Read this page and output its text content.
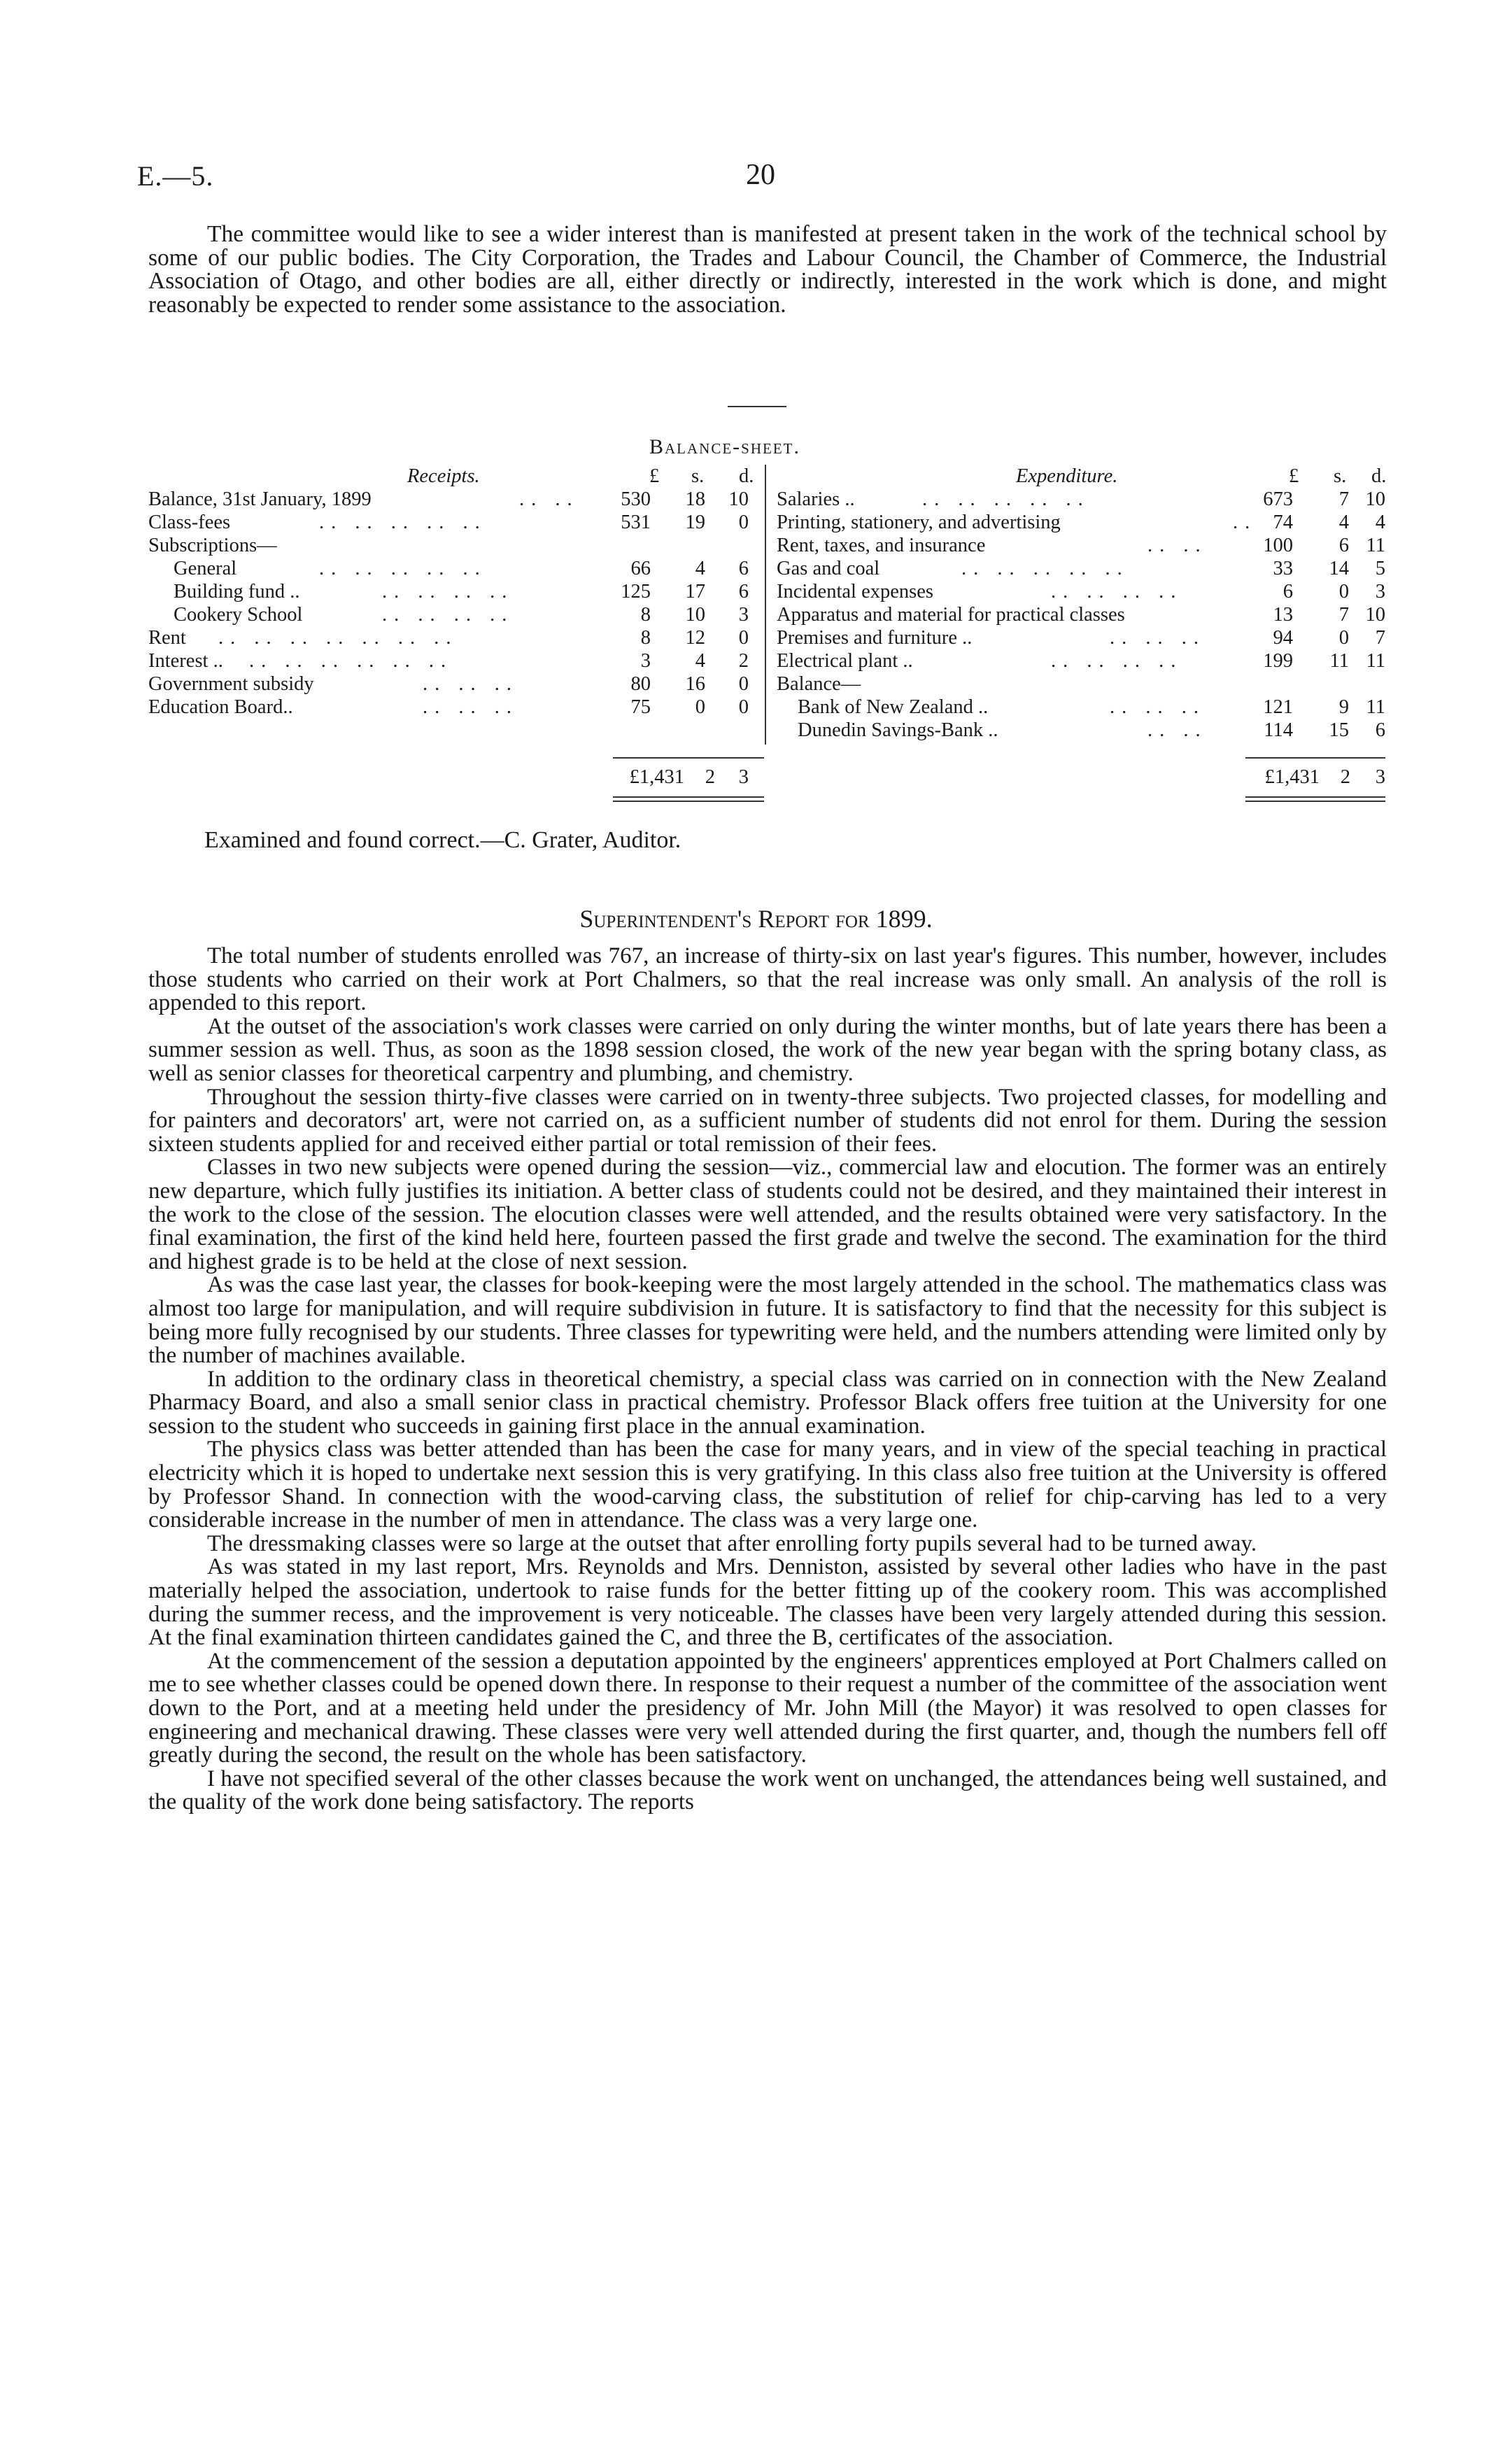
E.—5.	20
The committee would like to see a wider interest than is manifested at present taken in the work of the technical school by some of our public bodies. The City Corporation, the Trades and Labour Council, the Chamber of Commerce, the Industrial Association of Otago, and other bodies are all, either directly or indirectly, interested in the work which is done, and might reasonably be expected to render some assistance to the association.
Balance-sheet.
Receipts.	Expenditure.
£ s. d.	£ s. d.
Balance, 31st January, 1899	.. ..	530	18	10
Class-fees	.. .. .. .. ..	531	19	0
Subscriptions—
General	.. .. .. .. ..	66	4	6
Building fund ..	.. .. .. ..	125	17	6
Cookery School	.. .. .. ..	8	10	3
Rent .. .. .. .. .. .. ..	8	12	0
Interest .. .. .. .. .. .. ..	3	4	2
Government subsidy	.. .. ..	80	16	0
Education Board..	.. .. ..	75	0	0
£1,431	2	3
Salaries ..	.. .. .. .. ..	673	7 10
Printing, stationery, and advertising	.. 74	4	4
Rent, taxes, and insurance	.. ..	100	6 11
Gas and coal	.. .. .. .. ..	33	14	5
Incidental expenses	.. .. .. ..	6	0	3
Apparatus and material for practical classes	13	7 10
Premises and furniture ..	.. .. ..	94	0	7
Electrical plant ..	.. .. .. ..	199	11 11
Balance—
Bank of New Zealand ..	.. .. ..	121	9 11
Dunedin Savings-Bank ..	.. ..	114	15	6
£1,431	2	3
Examined and found correct.—C. Grater, Auditor.
Superintendent's Report for 1899.

The total number of students enrolled was 767, an increase of thirty-six on last year's figures. This number, however, includes those students who carried on their work at Port Chalmers, so that the real increase was only small. An analysis of the roll is appended to this report.

At the outset of the association's work classes were carried on only during the winter months, but of late years there has been a summer session as well. Thus, as soon as the 1898 session closed, the work of the new year began with the spring botany class, as well as senior classes for theoretical carpentry and plumbing, and chemistry.

Throughout the session thirty-five classes were carried on in twenty-three subjects. Two projected classes, for modelling and for painters and decorators' art, were not carried on, as a sufficient number of students did not enrol for them. During the session sixteen students applied for and received either partial or total remission of their fees.

Classes in two new subjects were opened during the session—viz., commercial law and elocution. The former was an entirely new departure, which fully justifies its initiation. A better class of students could not be desired, and they maintained their interest in the work to the close of the session. The elocution classes were well attended, and the results obtained were very satisfactory. In the final examination, the first of the kind held here, fourteen passed the first grade and twelve the second. The examination for the third and highest grade is to be held at the close of next session.

As was the case last year, the classes for book-keeping were the most largely attended in the school. The mathematics class was almost too large for manipulation, and will require subdivision in future. It is satisfactory to find that the necessity for this subject is being more fully recognised by our students. Three classes for typewriting were held, and the numbers attending were limited only by the number of machines available.

In addition to the ordinary class in theoretical chemistry, a special class was carried on in connection with the New Zealand Pharmacy Board, and also a small senior class in practical chemistry. Professor Black offers free tuition at the University for one session to the student who succeeds in gaining first place in the annual examination.

The physics class was better attended than has been the case for many years, and in view of the special teaching in practical electricity which it is hoped to undertake next session this is very gratifying. In this class also free tuition at the University is offered by Professor Shand. In connection with the wood-carving class, the substitution of relief for chip-carving has led to a very considerable increase in the number of men in attendance. The class was a very large one.

The dressmaking classes were so large at the outset that after enrolling forty pupils several had to be turned away.

As was stated in my last report, Mrs. Reynolds and Mrs. Denniston, assisted by several other ladies who have in the past materially helped the association, undertook to raise funds for the better fitting up of the cookery room. This was accomplished during the summer recess, and the improvement is very noticeable. The classes have been very largely attended during this session. At the final examination thirteen candidates gained the C, and three the B, certificates of the association.

At the commencement of the session a deputation appointed by the engineers' apprentices employed at Port Chalmers called on me to see whether classes could be opened down there. In response to their request a number of the committee of the association went down to the Port, and at a meeting held under the presidency of Mr. John Mill (the Mayor) it was resolved to open classes for engineering and mechanical drawing. These classes were very well attended during the first quarter, and, though the numbers fell off greatly during the second, the result on the whole has been satisfactory.

I have not specified several of the other classes because the work went on unchanged, the attendances being well sustained, and the quality of the work done being satisfactory. The reports
